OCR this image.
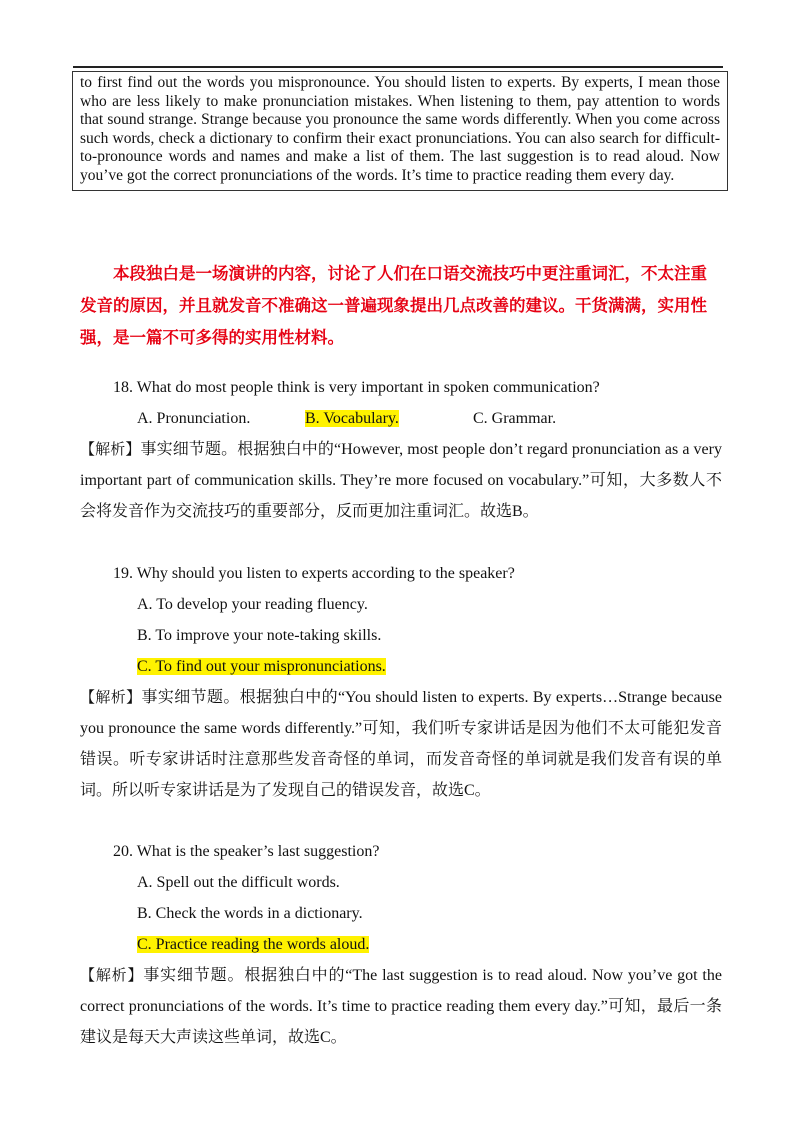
to first find out the words you mispronounce. You should listen to experts. By experts, I mean those who are less likely to make pronunciation mistakes. When listening to them, pay attention to words that sound strange. Strange because you pronounce the same words differently. When you come across such words, check a dictionary to confirm their exact pronunciations. You can also search for difficult-to-pronounce words and names and make a list of them. The last suggestion is to read aloud. Now you’ve got the correct pronunciations of the words. It’s time to practice reading them every day.

本段独白是一场演讲的内容，讨论了人们在口语交流技巧中更注重词汇，不太注重发音的原因，并且就发音不准确这一普遍现象提出几点改善的建议。干货满满，实用性强，是一篇不可多得的实用性材料。

18. What do most people think is very important in spoken communication?
A. Pronunciation.	B. Vocabulary.	C. Grammar.

【解析】事实细节题。根据独白中的“However, most people don’t regard pronunciation as a very important part of communication skills. They’re more focused on vocabulary.”可知，大多数人不会将发音作为交流技巧的重要部分，反而更加注重词汇。故选B。

19. Why should you listen to experts according to the speaker?
A. To develop your reading fluency.
B. To improve your note-taking skills.
C. To find out your mispronunciations.

【解析】事实细节题。根据独白中的“You should listen to experts. By experts…Strange because you pronounce the same words differently.”可知，我们听专家讲话是因为他们不太可能犯发音错误。听专家讲话时注意那些发音奇怪的单词，而发音奇怪的单词就是我们发音有误的单词。所以听专家讲话是为了发现自己的错误发音，故选C。

20. What is the speaker’s last suggestion?
A. Spell out the difficult words.
B. Check the words in a dictionary.
C. Practice reading the words aloud.

【解析】事实细节题。根据独白中的“The last suggestion is to read aloud. Now you’ve got the correct pronunciations of the words. It’s time to practice reading them every day.”可知，最后一条建议是每天大声读这些单词，故选C。
